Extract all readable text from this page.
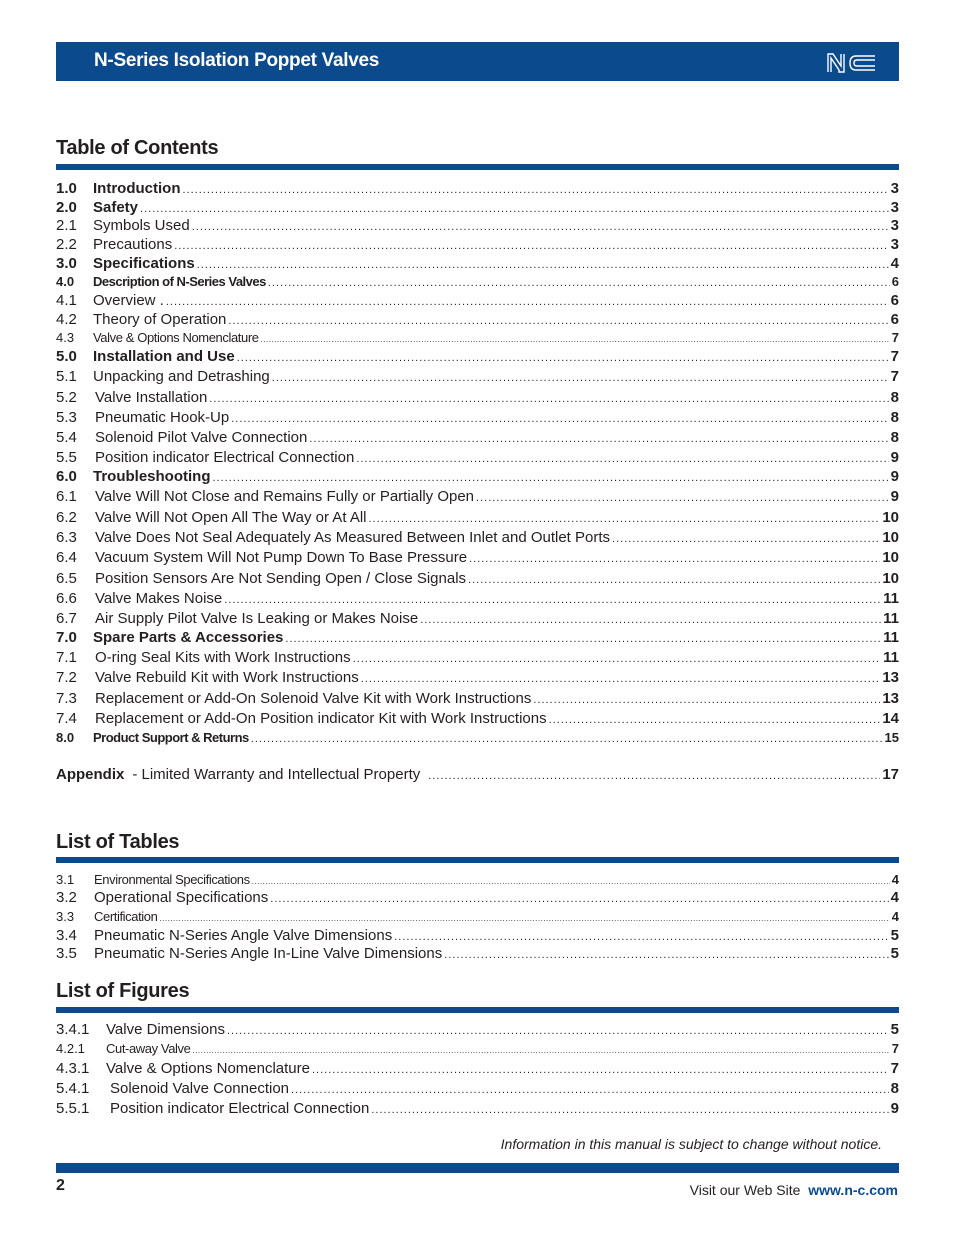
N-Series Isolation Poppet Valves
Table of Contents
1.0	Introduction .....	3
2.0	Safety .....	3
2.1	Symbols Used .....	3
2.2	Precautions .....	3
3.0	Specifications .....	4
4.0	Description of N-Series Valves .....	6
4.1	Overview . .....	6
4.2	Theory of Operation .....	6
4.3	Valve & Options Nomenclature .....	7
5.0	Installation and Use .....	7
5.1	Unpacking and Detrashing .....	7
5.2	Valve Installation .....	8
5.3	Pneumatic Hook-Up .....	8
5.4	Solenoid Pilot Valve Connection .....	8
5.5	Position indicator Electrical Connection .....	9
6.0	Troubleshooting .....	9
6.1	Valve Will Not Close and Remains Fully or Partially Open .....	9
6.2	Valve Will Not Open All The Way or At All .....	10
6.3	Valve Does Not Seal Adequately As Measured Between Inlet and Outlet Ports .....	10
6.4	Vacuum System Will Not Pump Down To Base Pressure .....	10
6.5	Position Sensors Are Not Sending Open / Close Signals .....	10
6.6	Valve Makes Noise .....	11
6.7	Air Supply Pilot Valve Is Leaking or Makes Noise .....	11
7.0	Spare Parts & Accessories .....	11
7.1	O-ring Seal Kits with Work Instructions .....	11
7.2	Valve Rebuild Kit with Work Instructions .....	13
7.3	Replacement or Add-On Solenoid Valve Kit with Work Instructions .....	13
7.4	Replacement or Add-On Position indicator Kit with Work Instructions .....	14
8.0	Product Support & Returns .....	15
Appendix - Limited Warranty and Intellectual Property .....	17
List of Tables
3.1	Environmental Specifications .....	4
3.2	Operational Specifications .....	4
3.3	Certification .....	4
3.4	Pneumatic N-Series Angle Valve Dimensions .....	5
3.5	Pneumatic N-Series Angle In-Line Valve Dimensions .....	5
List of Figures
3.4.1	Valve Dimensions .....	5
4.2.1	Cut-away Valve .....	7
4.3.1	Valve & Options Nomenclature .....	7
5.4.1	Solenoid Valve Connection .....	8
5.5.1	Position indicator Electrical Connection .....	9
Information in this manual is subject to change without notice.
2	Visit our Web Site www.n-c.com
